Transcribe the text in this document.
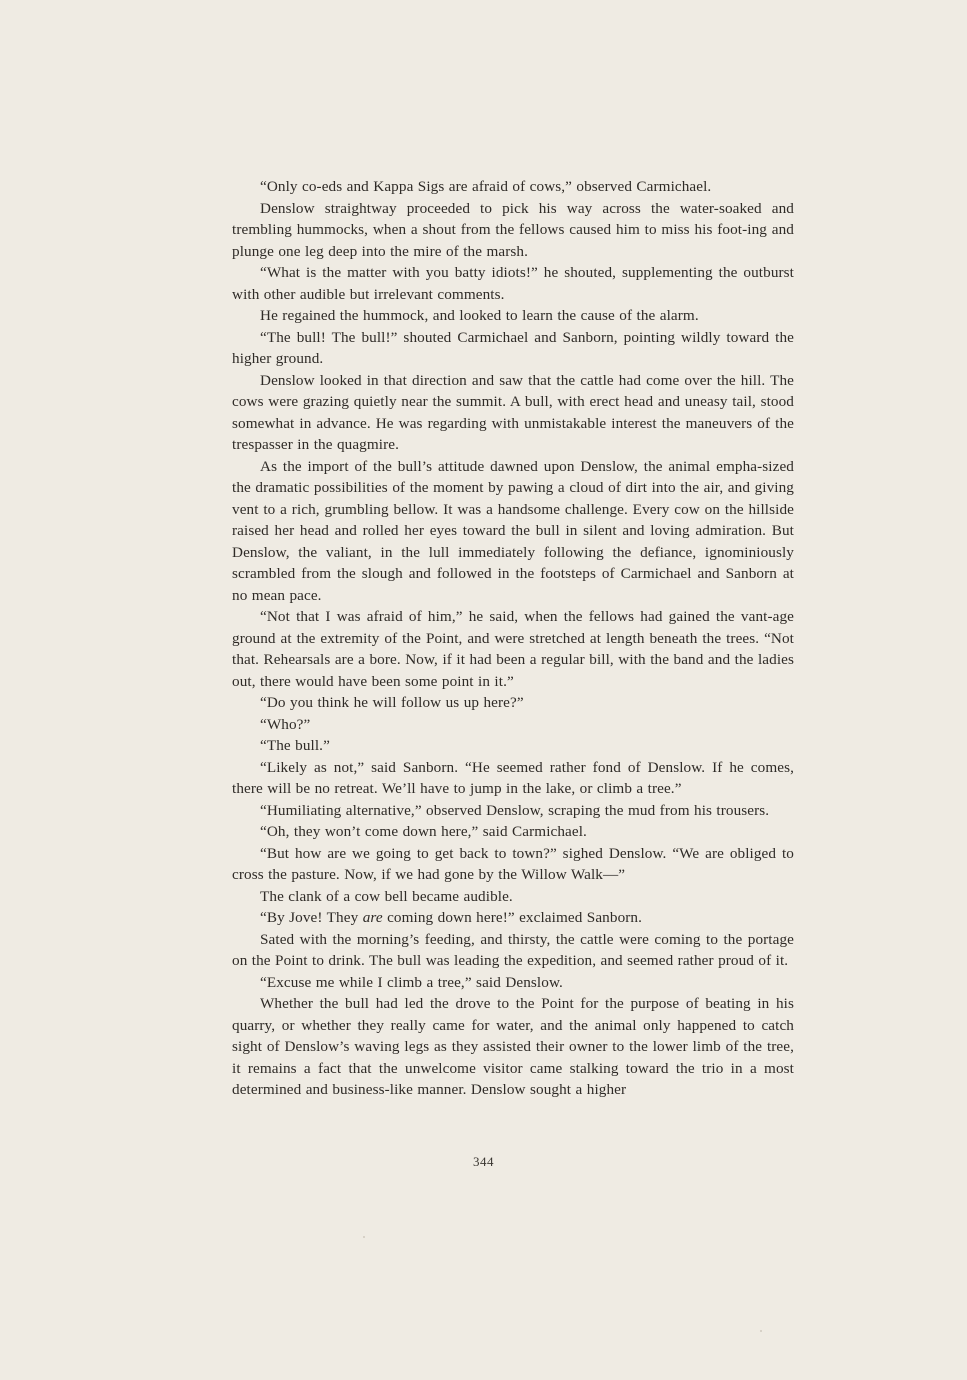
“Only co-eds and Kappa Sigs are afraid of cows,” observed Carmichael.

Denslow straightway proceeded to pick his way across the water-soaked and trembling hummocks, when a shout from the fellows caused him to miss his foot-ing and plunge one leg deep into the mire of the marsh.

“What is the matter with you batty idiots!” he shouted, supplementing the outburst with other audible but irrelevant comments.

He regained the hummock, and looked to learn the cause of the alarm.

“The bull! The bull!” shouted Carmichael and Sanborn, pointing wildly toward the higher ground.

Denslow looked in that direction and saw that the cattle had come over the hill. The cows were grazing quietly near the summit. A bull, with erect head and uneasy tail, stood somewhat in advance. He was regarding with unmistakable interest the maneuvers of the trespasser in the quagmire.

As the import of the bull’s attitude dawned upon Denslow, the animal empha-sized the dramatic possibilities of the moment by pawing a cloud of dirt into the air, and giving vent to a rich, grumbling bellow. It was a handsome challenge. Every cow on the hillside raised her head and rolled her eyes toward the bull in silent and loving admiration. But Denslow, the valiant, in the lull immediately following the defiance, ignominiously scrambled from the slough and followed in the footsteps of Carmichael and Sanborn at no mean pace.

“Not that I was afraid of him,” he said, when the fellows had gained the vant-age ground at the extremity of the Point, and were stretched at length beneath the trees. “Not that. Rehearsals are a bore. Now, if it had been a regular bill, with the band and the ladies out, there would have been some point in it.”

“Do you think he will follow us up here?”

“Who?”

“The bull.”

“Likely as not,” said Sanborn. “He seemed rather fond of Denslow. If he comes, there will be no retreat. We’ll have to jump in the lake, or climb a tree.”

“Humiliating alternative,” observed Denslow, scraping the mud from his trousers.

“Oh, they won’t come down here,” said Carmichael.

“But how are we going to get back to town?” sighed Denslow. “We are obliged to cross the pasture. Now, if we had gone by the Willow Walk—”

The clank of a cow bell became audible.

“By Jove! They are coming down here!” exclaimed Sanborn.

Sated with the morning’s feeding, and thirsty, the cattle were coming to the portage on the Point to drink. The bull was leading the expedition, and seemed rather proud of it.

“Excuse me while I climb a tree,” said Denslow.

Whether the bull had led the drove to the Point for the purpose of beating in his quarry, or whether they really came for water, and the animal only happened to catch sight of Denslow’s waving legs as they assisted their owner to the lower limb of the tree, it remains a fact that the unwelcome visitor came stalking toward the trio in a most determined and business-like manner. Denslow sought a higher

344
